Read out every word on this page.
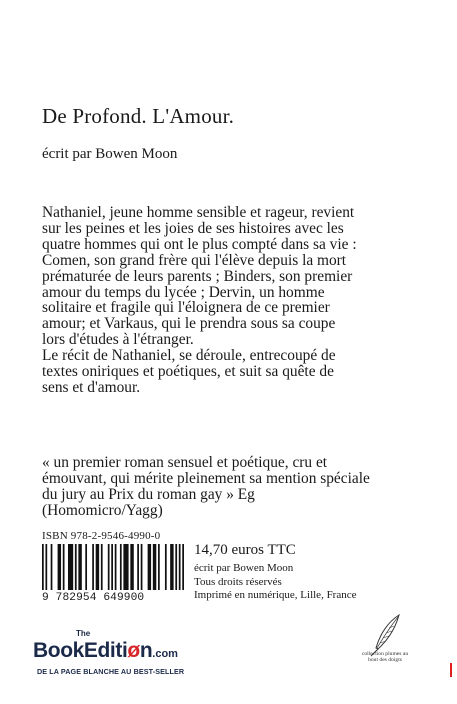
De Profond. L'Amour.
écrit par Bowen Moon

Nathaniel, jeune homme sensible et rageur, revient sur les peines et les joies de ses histoires avec les quatre hommes qui ont le plus compté dans sa vie : Comen, son grand frère qui l'élève depuis la mort prématurée de leurs parents ; Binders, son premier amour du temps du lycée ; Dervin, un homme solitaire et fragile qui l'éloignera de ce premier amour; et Varkaus, qui le prendra sous sa coupe lors d'études à l'étranger.

Le récit de Nathaniel, se déroule, entrecoupé de textes oniriques et poétiques, et suit sa quête de sens et d'amour.

« un premier roman sensuel et poétique, cru et émouvant, qui mérite pleinement sa mention spéciale du jury au Prix du roman gay » Eg (Homomicro/Yagg)
ISBN 978-2-9546-4990-0
9 782954 649900
14,70 euros TTC
écrit par Bowen Moon
Tous droits réservés
Imprimé en numérique, Lille, France
The
BookEditiøn.com
DE LA PAGE BLANCHE AU BEST-SELLER
collection plumes au bout des doigts
